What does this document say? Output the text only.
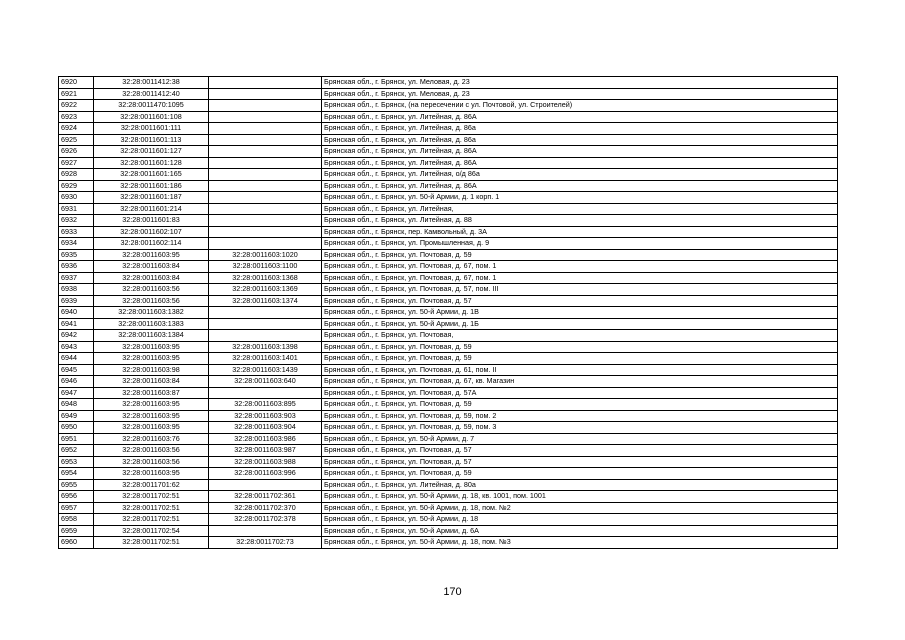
6920	32:28:0011412:38		Брянская обл., г. Брянск, ул. Меловая, д. 23
6921	32:28:0011412:40		Брянская обл., г. Брянск, ул. Меловая, д. 23
6922	32:28:0011470:1095		Брянская обл., г. Брянск, (на пересечении с ул. Почтовой, ул. Строителей)
6923	32:28:0011601:108		Брянская обл., г. Брянск, ул. Литейная, д. 86А
6924	32:28:0011601:111		Брянская обл., г. Брянск, ул. Литейная, д. 86а
6925	32:28:0011601:113		Брянская обл., г. Брянск, ул. Литейная, д. 86а
6926	32:28:0011601:127		Брянская обл., г. Брянск, ул. Литейная, д. 86А
6927	32:28:0011601:128		Брянская обл., г. Брянск, ул. Литейная, д. 86А
6928	32:28:0011601:165		Брянская обл., г. Брянск, ул. Литейная, о/д 86а
6929	32:28:0011601:186		Брянская обл., г. Брянск, ул. Литейная, д. 86А
6930	32:28:0011601:187		Брянская обл., г. Брянск, ул. 50-й Армии, д. 1 корп. 1
6931	32:28:0011601:214		Брянская обл., г. Брянск, ул. Литейная,
6932	32:28:0011601:83		Брянская обл., г. Брянск, ул. Литейная, д. 88
6933	32:28:0011602:107		Брянская обл., г. Брянск, пер. Камвольный, д. 3А
6934	32:28:0011602:114		Брянская обл., г. Брянск, ул. Промышленная, д. 9
6935	32:28:0011603:95	32:28:0011603:1020	Брянская обл., г. Брянск, ул. Почтовая, д. 59
6936	32:28:0011603:84	32:28:0011603:1100	Брянская обл., г. Брянск, ул. Почтовая, д. 67, пом. 1
6937	32:28:0011603:84	32:28:0011603:1368	Брянская обл., г. Брянск, ул. Почтовая, д. 67, пом. 1
6938	32:28:0011603:56	32:28:0011603:1369	Брянская обл., г. Брянск, ул. Почтовая, д. 57, пом. III
6939	32:28:0011603:56	32:28:0011603:1374	Брянская обл., г. Брянск, ул. Почтовая, д. 57
6940	32:28:0011603:1382		Брянская обл., г. Брянск, ул. 50-й Армии, д. 1В
6941	32:28:0011603:1383		Брянская обл., г. Брянск, ул. 50-й Армии, д. 1Б
6942	32:28:0011603:1384		Брянская обл., г. Брянск, ул. Почтовая,
6943	32:28:0011603:95	32:28:0011603:1398	Брянская обл., г. Брянск, ул. Почтовая, д. 59
6944	32:28:0011603:95	32:28:0011603:1401	Брянская обл., г. Брянск, ул. Почтовая, д. 59
6945	32:28:0011603:98	32:28:0011603:1439	Брянская обл., г. Брянск, ул. Почтовая, д. 61, пом. II
6946	32:28:0011603:84	32:28:0011603:640	Брянская обл., г. Брянск, ул. Почтовая, д. 67, кв. Магазин
6947	32:28:0011603:87		Брянская обл., г. Брянск, ул. Почтовая, д. 57А
6948	32:28:0011603:95	32:28:0011603:895	Брянская обл., г. Брянск, ул. Почтовая, д. 59
6949	32:28:0011603:95	32:28:0011603:903	Брянская обл., г. Брянск, ул. Почтовая, д. 59, пом. 2
6950	32:28:0011603:95	32:28:0011603:904	Брянская обл., г. Брянск, ул. Почтовая, д. 59, пом. 3
6951	32:28:0011603:76	32:28:0011603:986	Брянская обл., г. Брянск, ул. 50-й Армии, д. 7
6952	32:28:0011603:56	32:28:0011603:987	Брянская обл., г. Брянск, ул. Почтовая, д. 57
6953	32:28:0011603:56	32:28:0011603:988	Брянская обл., г. Брянск, ул. Почтовая, д. 57
6954	32:28:0011603:95	32:28:0011603:996	Брянская обл., г. Брянск, ул. Почтовая, д. 59
6955	32:28:0011701:62		Брянская обл., г. Брянск, ул. Литейная, д. 80а
6956	32:28:0011702:51	32:28:0011702:361	Брянская обл., г. Брянск, ул. 50-й Армии, д. 18, кв. 1001, пом. 1001
6957	32:28:0011702:51	32:28:0011702:370	Брянская обл., г. Брянск, ул. 50-й Армии, д. 18, пом. №2
6958	32:28:0011702:51	32:28:0011702:378	Брянская обл., г. Брянск, ул. 50-й Армии, д. 18
6959	32:28:0011702:54		Брянская обл., г. Брянск, ул. 50-й Армии, д. 6А
6960	32:28:0011702:51	32:28:0011702:73	Брянская обл., г. Брянск, ул. 50-й Армии, д. 18, пом. №3
170
